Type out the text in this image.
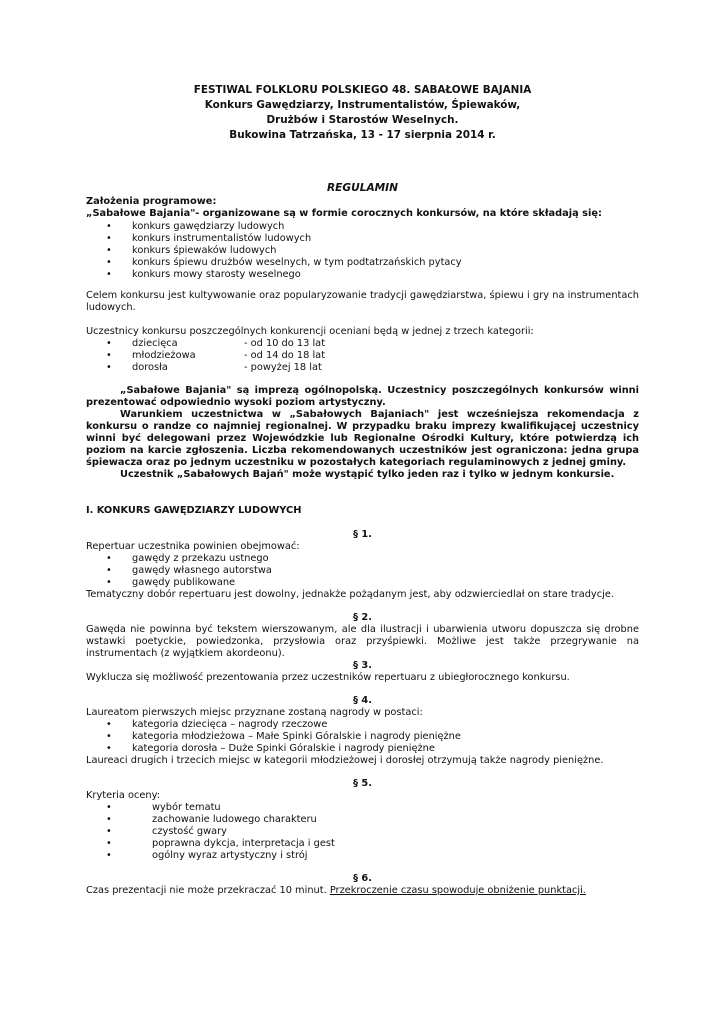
FESTIWAL FOLKLORU POLSKIEGO 48. SABAŁOWE BAJANIA
Konkurs Gawędziarzy, Instrumentalistów, Śpiewaków,
Drużbów i Starostów Weselnych.
Bukowina Tatrzańska, 13 - 17 sierpnia 2014 r.
REGULAMIN
Założenia programowe:
„Sabałowe Bajania"- organizowane są w formie corocznych konkursów, na które składają się:
• konkurs gawędziarzy ludowych
• konkurs instrumentalistów ludowych
• konkurs śpiewaków ludowych
• konkurs śpiewu drużbów weselnych, w tym podtatrzańskich pytacy
• konkurs mowy starosty weselnego
Celem konkursu jest kultywowanie oraz popularyzowanie tradycji gawędziarstwa, śpiewu i gry na instrumentach ludowych.
Uczestnicy konkursu poszczególnych konkurencji oceniani będą w jednej z trzech kategorii:
• dziecięca	- od 10 do 13 lat
• młodzieżowa	- od 14 do 18 lat
• dorosła	- powyżej 18 lat
„Sabałowe Bajania" są imprezą ogólnopolską. Uczestnicy poszczególnych konkursów winni prezentować odpowiednio wysoki poziom artystyczny.
Warunkiem uczestnictwa w „Sabałowych Bajaniach" jest wcześniejsza rekomendacja z konkursu o randze co najmniej regionalnej. W przypadku braku imprezy kwalifikującej uczestnicy winni być delegowani przez Wojewódzkie lub Regionalne Ośrodki Kultury, które potwierdzą ich poziom na karcie zgłoszenia. Liczba rekomendowanych uczestników jest ograniczona: jedna grupa śpiewacza oraz po jednym uczestniku w pozostałych kategoriach regulaminowych z jednej gminy.
Uczestnik „Sabałowych Bajań" może wystąpić tylko jeden raz i tylko w jednym konkursie.
I. KONKURS GAWĘDZIARZY LUDOWYCH
§ 1.
Repertuar uczestnika powinien obejmować:
• gawędy z przekazu ustnego
• gawędy własnego autorstwa
• gawędy publikowane
Tematyczny dobór repertuaru jest dowolny, jednakże pożądanym jest, aby odzwierciedlał on stare tradycje.
§ 2.
Gawęda nie powinna być tekstem wierszowanym, ale dla ilustracji i ubarwienia utworu dopuszcza się drobne wstawki poetyckie, powiedzonka, przysłowia oraz przyśpiewki. Możliwe jest także przegrywanie na instrumentach (z wyjątkiem akordeonu).
§ 3.
Wyklucza się możliwość prezentowania przez uczestników repertuaru z ubiegłorocznego konkursu.
§ 4.
Laureatom pierwszych miejsc przyznane zostaną nagrody w postaci:
• kategoria dziecięca – nagrody rzeczowe
• kategoria młodzieżowa – Małe Spinki Góralskie i nagrody pieniężne
• kategoria dorosła – Duże Spinki Góralskie i nagrody pieniężne
Laureaci drugich i trzecich miejsc w kategorii młodzieżowej i dorosłej otrzymują także nagrody pieniężne.
§ 5.
Kryteria oceny:
• wybór tematu
• zachowanie ludowego charakteru
• czystość gwary
• poprawna dykcja, interpretacja i gest
• ogólny wyraz artystyczny i strój
§ 6.
Czas prezentacji nie może przekraczać 10 minut. Przekroczenie czasu spowoduje obniżenie punktacji.
